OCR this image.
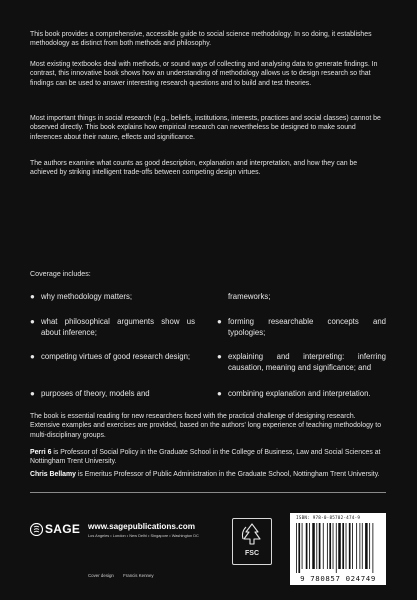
This book provides a comprehensive, accessible guide to social science methodology. In so doing, it establishes methodology as distinct from both methods and philosophy.

Most existing textbooks deal with methods, or sound ways of collecting and analysing data to generate findings. In contrast, this innovative book shows how an understanding of methodology allows us to design research so that findings can be used to answer interesting research questions and to build and test theories.

Most important things in social research (e.g., beliefs, institutions, interests, practices and social classes) cannot be observed directly. This book explains how empirical research can nevertheless be designed to make sound inferences about their nature, effects and significance.

The authors examine what counts as good description, explanation and interpretation, and how they can be achieved by striking intelligent trade-offs between competing design virtues.

Coverage includes:

● why methodology matters;
● what philosophical arguments show us about inference;
● competing virtues of good research design;
● purposes of theory, models and
frameworks;
● forming researchable concepts and typologies;
● explaining and interpreting: inferring causation, meaning and significance; and
● combining explanation and interpretation.

The book is essential reading for new researchers faced with the practical challenge of designing research. Extensive examples and exercises are provided, based on the authors' long experience of teaching methodology to multi-disciplinary groups.

Perri 6 is Professor of Social Policy in the Graduate School in the College of Business, Law and Social Sciences at Nottingham Trent University.

Chris Bellamy is Emeritus Professor of Public Administration in the Graduate School, Nottingham Trent University.

SAGE www.sagepublications.com
Los Angeles • London • New Delhi • Singapore • Washington DC
Cover design Francis Kenney
FSC
ISBN: 978-0-85702-474-9
9 780857 024749
